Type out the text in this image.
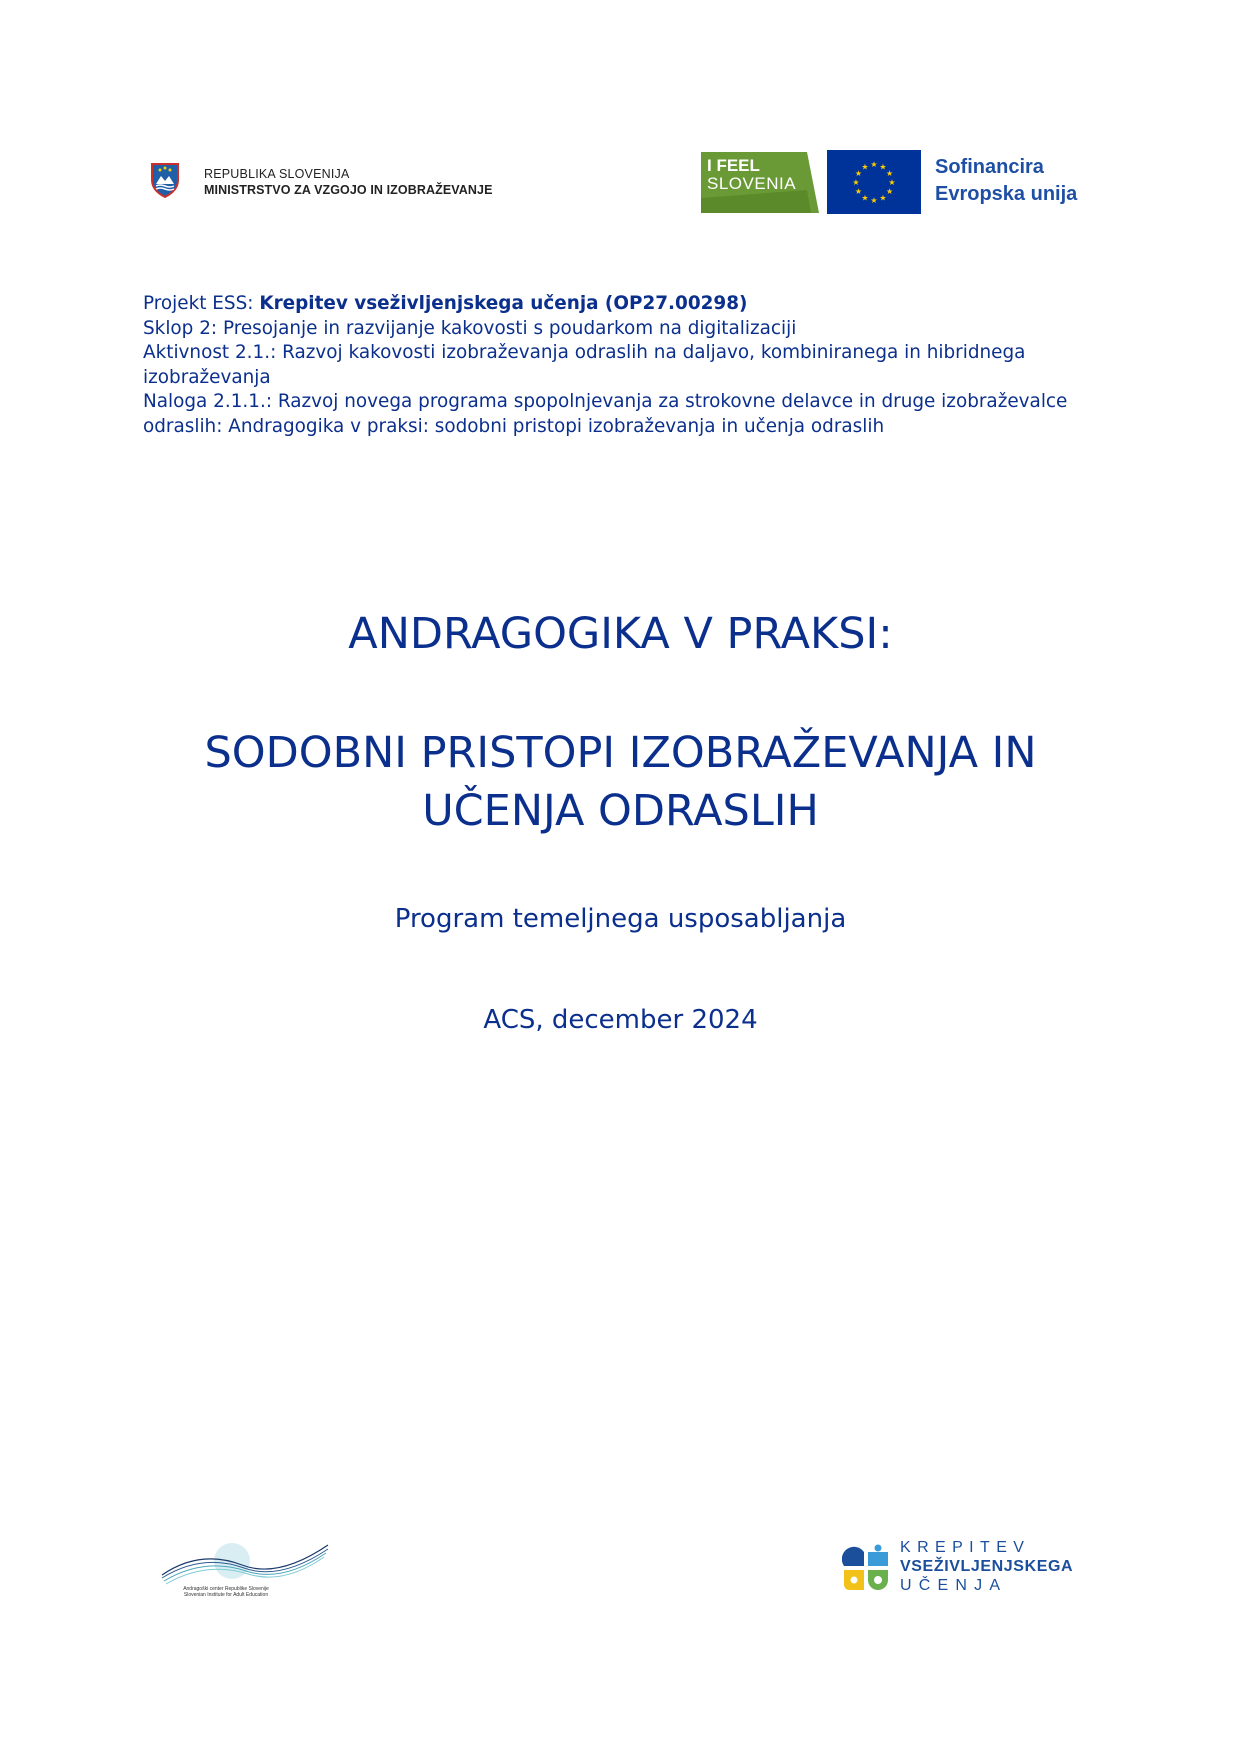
REPUBLIKA SLOVENIJA
MINISTRSTVO ZA VZGOJO IN IZOBRAŽEVANJE
I FEEL
SLOVENIA
★ ★
★
★
★
★
★
★
★
★
★
★	Sofinancira
Evropska unija
Projekt ESS: Krepitev vseživljenjskega učenja (OP27.00298)
Sklop 2: Presojanje in razvijanje kakovosti s poudarkom na digitalizaciji
Aktivnost 2.1.: Razvoj kakovosti izobraževanja odraslih na daljavo, kombiniranega in hibridnega izobraževanja
Naloga 2.1.1.: Razvoj novega programa spopolnjevanja za strokovne delavce in druge izobraževalce odraslih: Andragogika v praksi: sodobni pristopi izobraževanja in učenja odraslih
ANDRAGOGIKA V PRAKSI:
SODOBNI PRISTOPI IZOBRAŽEVANJA IN
UČENJA ODRASLIH
Program temeljnega usposabljanja
ACS, december 2024
Andragoški center Republike Slovenije
Slovenian Institute for Adult Education
KREPITEV
VSEŽIVLJENJSKEGA
UČENJA
